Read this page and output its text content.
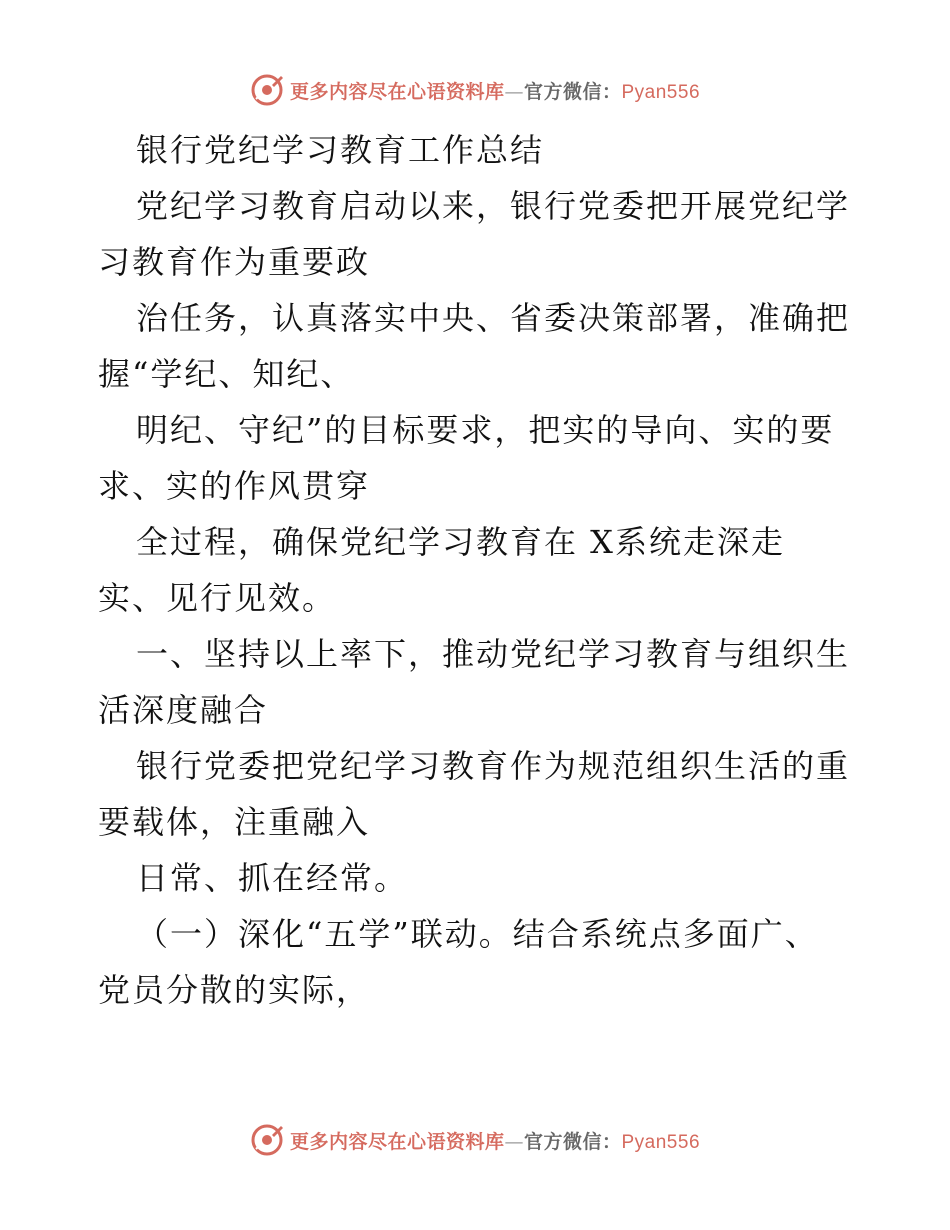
更多内容尽在心语资料库—官方微信：Pyan556
银行党纪学习教育工作总结
党纪学习教育启动以来，银行党委把开展党纪学
习教育作为重要政
治任务，认真落实中央、省委决策部署，准确把
握“学纪、知纪、
明纪、守纪”的目标要求，把实的导向、实的要
求、实的作风贯穿
全过程，确保党纪学习教育在 X系统走深走
实、见行见效。
一、坚持以上率下，推动党纪学习教育与组织生
活深度融合
银行党委把党纪学习教育作为规范组织生活的重
要载体，注重融入
日常、抓在经常。
（一）深化“五学”联动。结合系统点多面广、
党员分散的实际，
更多内容尽在心语资料库—官方微信：Pyan556
